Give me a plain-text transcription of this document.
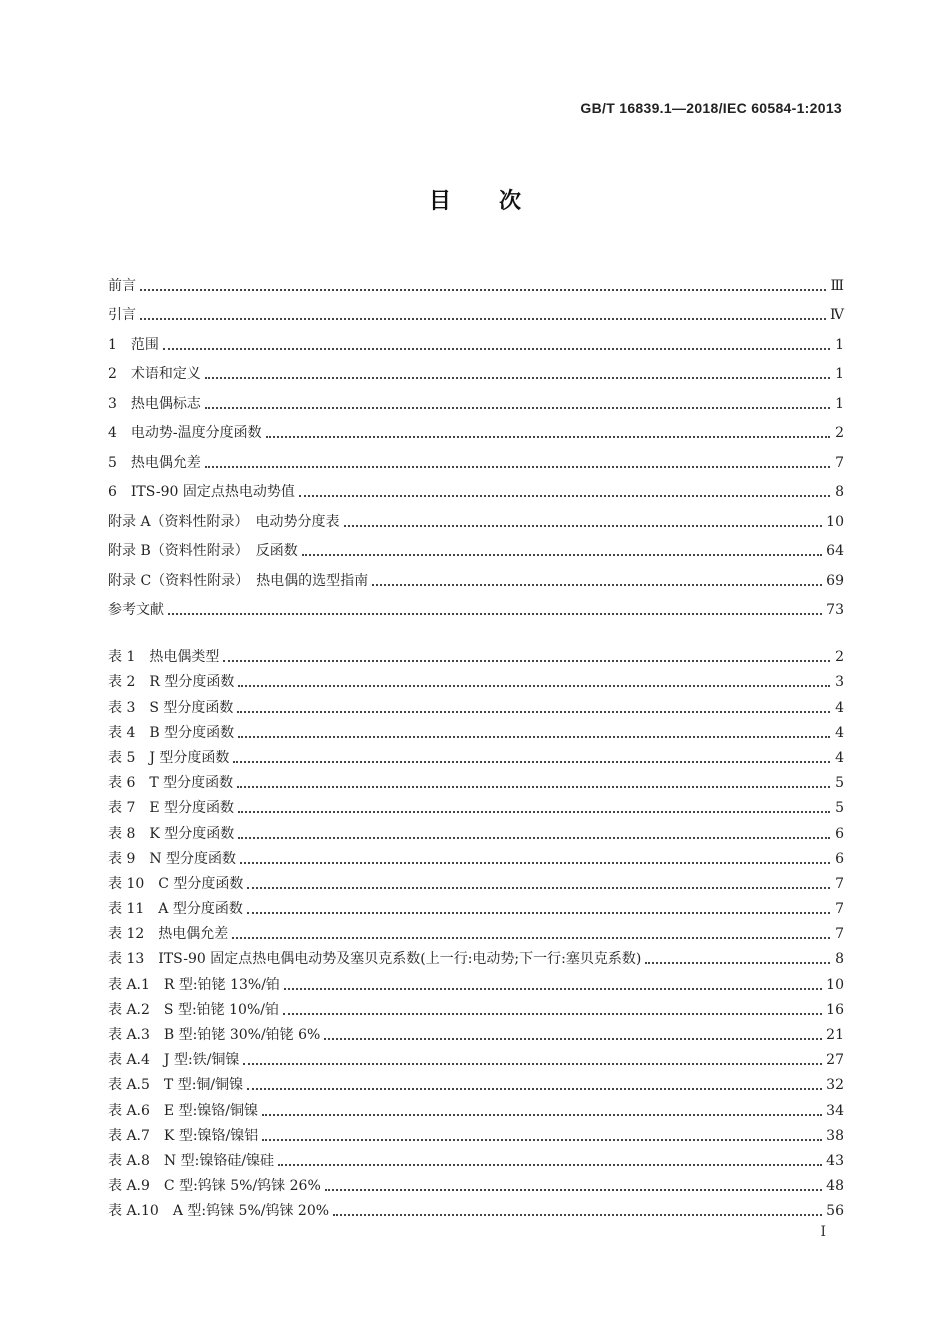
GB/T 16839.1—2018/IEC 60584-1:2013
目次
前言	Ⅲ
引言	Ⅳ
1　范围	1
2　术语和定义	1
3　热电偶标志	1
4　电动势-温度分度函数	2
5　热电偶允差	7
6　ITS-90 固定点热电动势值	8
附录 A（资料性附录）　电动势分度表	10
附录 B（资料性附录）　反函数	64
附录 C（资料性附录）　热电偶的选型指南	69
参考文献	73
表 1　热电偶类型	2
表 2　R 型分度函数	3
表 3　S 型分度函数	4
表 4　B 型分度函数	4
表 5　J 型分度函数	4
表 6　T 型分度函数	5
表 7　E 型分度函数	5
表 8　K 型分度函数	6
表 9　N 型分度函数	6
表 10　C 型分度函数	7
表 11　A 型分度函数	7
表 12　热电偶允差	7
表 13　ITS-90 固定点热电偶电动势及塞贝克系数(上一行:电动势;下一行:塞贝克系数)	8
表 A.1　R 型:铂铑 13%/铂	10
表 A.2　S 型:铂铑 10%/铂	16
表 A.3　B 型:铂铑 30%/铂铑 6%	21
表 A.4　J 型:铁/铜镍	27
表 A.5　T 型:铜/铜镍	32
表 A.6　E 型:镍铬/铜镍	34
表 A.7　K 型:镍铬/镍铝	38
表 A.8　N 型:镍铬硅/镍硅	43
表 A.9　C 型:钨铼 5%/钨铼 26%	48
表 A.10　A 型:钨铼 5%/钨铼 20%	56
I
